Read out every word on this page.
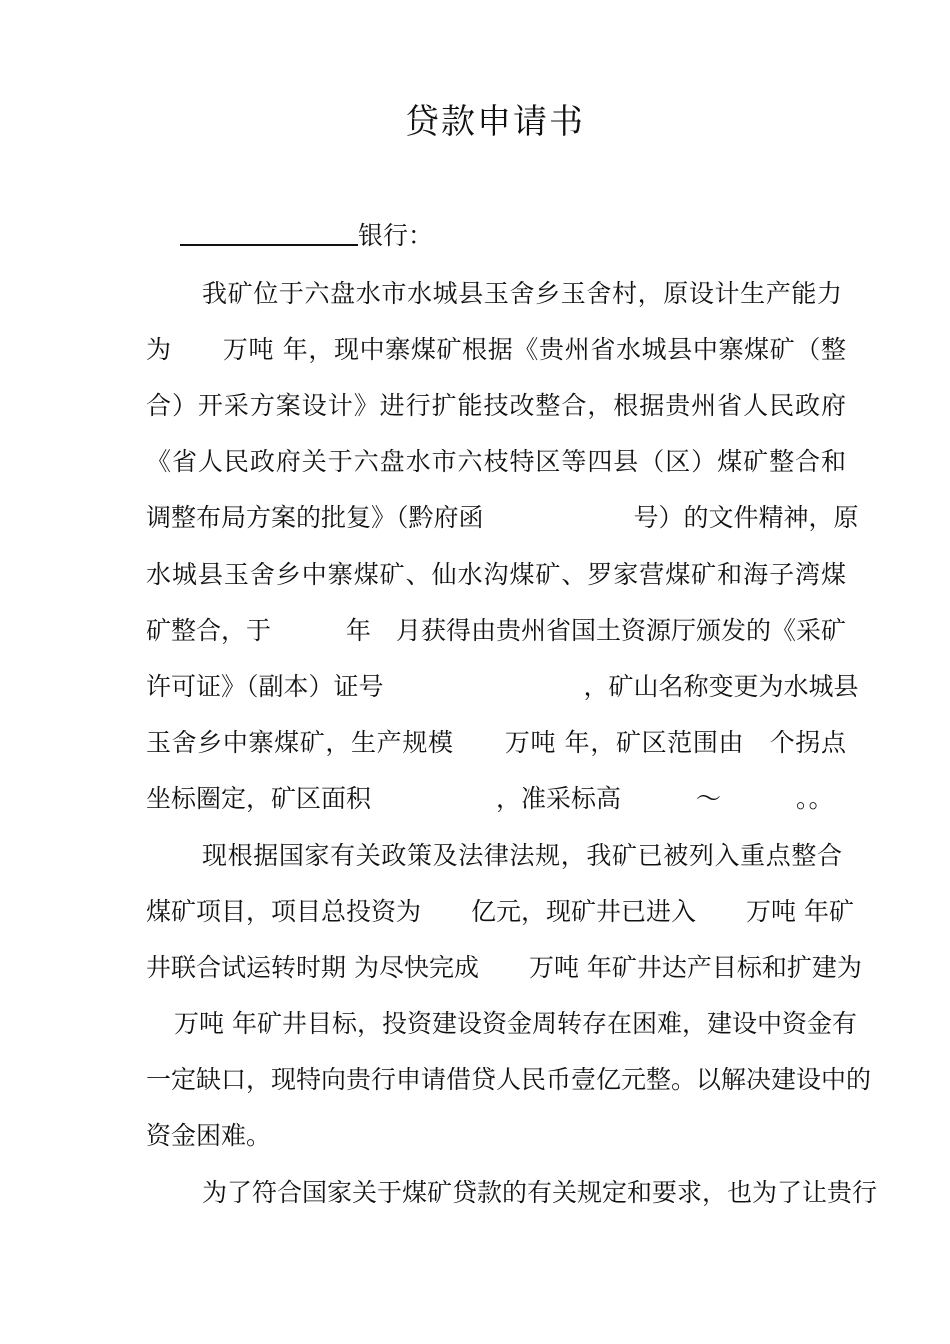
贷款申请书
银行：
我矿位于六盘水市水城县玉舍乡玉舍村，原设计生产能力
为　　万吨 年，现中寨煤矿根据《贵州省水城县中寨煤矿（整
合）开采方案设计》进行扩能技改整合，根据贵州省人民政府
《省人民政府关于六盘水市六枝特区等四县（区）煤矿整合和
调整布局方案的批复》（黔府函　　　　　　号）的文件精神，原
水城县玉舍乡中寨煤矿、仙水沟煤矿、罗家营煤矿和海子湾煤
矿整合，于　　　年　月获得由贵州省国土资源厅颁发的《采矿
许可证》（副本）证号　　　　　　　　，矿山名称变更为水城县
玉舍乡中寨煤矿，生产规模　　万吨 年，矿区范围由　个拐点
坐标圈定，矿区面积　　　　　，准采标高　　　～　　　。。
现根据国家有关政策及法律法规，我矿已被列入重点整合
煤矿项目，项目总投资为　　亿元，现矿井已进入　　万吨 年矿
井联合试运转时期 为尽快完成　　万吨 年矿井达产目标和扩建为
万吨 年矿井目标，投资建设资金周转存在困难，建设中资金有
一定缺口，现特向贵行申请借贷人民币壹亿元整。以解决建设中的
资金困难。
为了符合国家关于煤矿贷款的有关规定和要求，也为了让贵行
